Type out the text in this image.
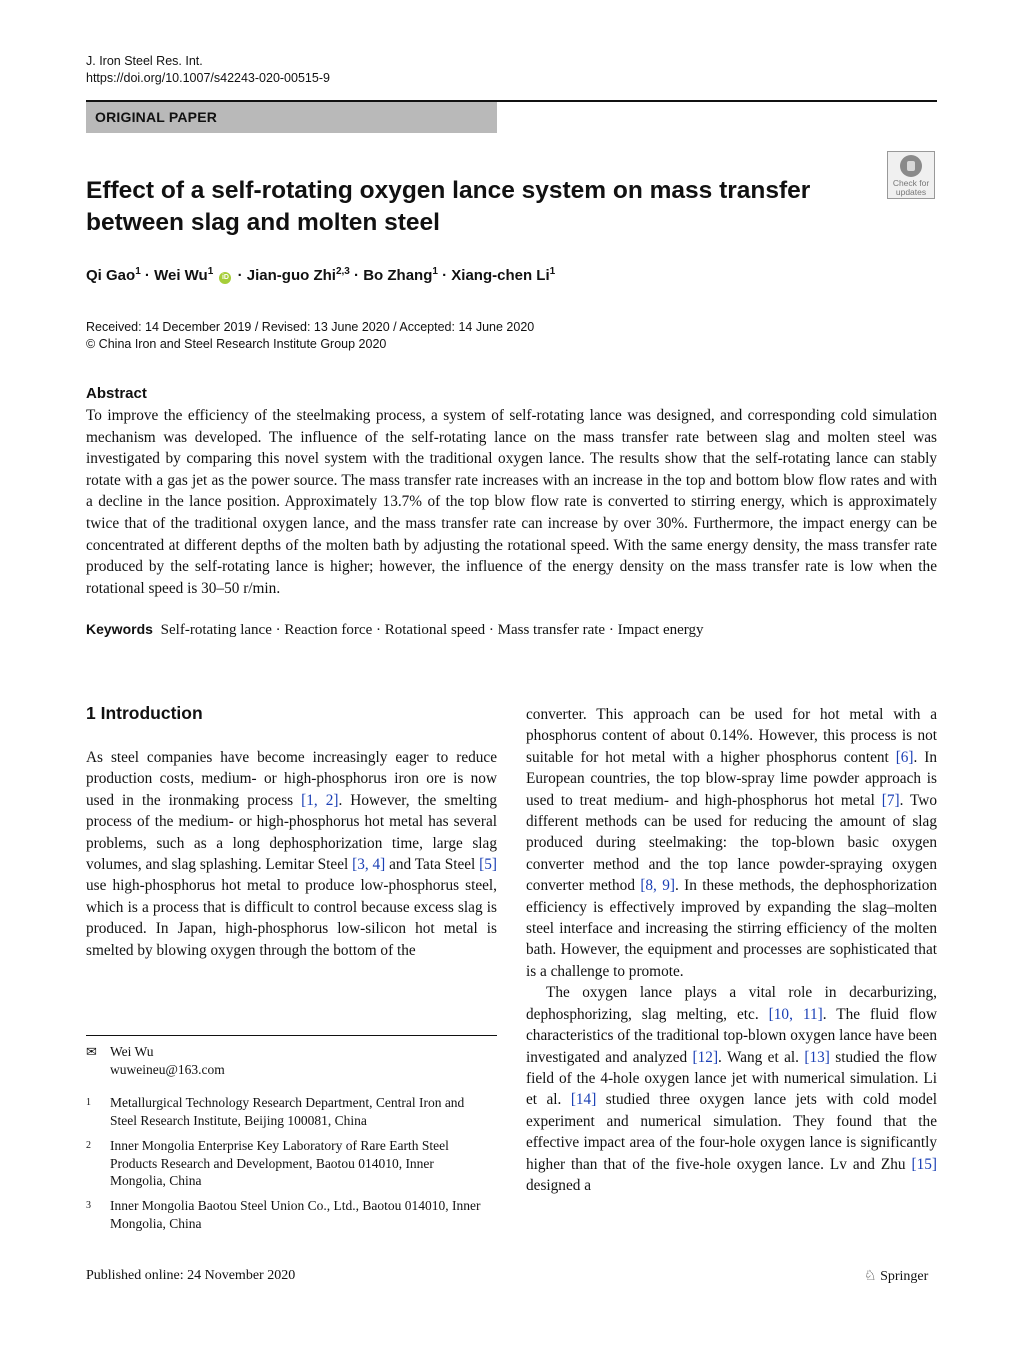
J. Iron Steel Res. Int.
https://doi.org/10.1007/s42243-020-00515-9
ORIGINAL PAPER
Effect of a self-rotating oxygen lance system on mass transfer
between slag and molten steel
Check for
updates
Qi Gao$^1$ · Wei Wu$^1$ iD · Jian-guo Zhi$^{2,3}$ · Bo Zhang$^1$ · Xiang-chen Li$^1$
Received: 14 December 2019 / Revised: 13 June 2020 / Accepted: 14 June 2020
© China Iron and Steel Research Institute Group 2020
Abstract
To improve the efficiency of the steelmaking process, a system of self-rotating lance was designed, and corresponding cold simulation mechanism was developed. The influence of the self-rotating lance on the mass transfer rate between slag and molten steel was investigated by comparing this novel system with the traditional oxygen lance. The results show that the self-rotating lance can stably rotate with a gas jet as the power source. The mass transfer rate increases with an increase in the top and bottom blow flow rates and with a decline in the lance position. Approximately 13.7% of the top blow flow rate is converted to stirring energy, which is approximately twice that of the traditional oxygen lance, and the mass transfer rate can increase by over 30%. Furthermore, the impact energy can be concentrated at different depths of the molten bath by adjusting the rotational speed. With the same energy density, the mass transfer rate produced by the self-rotating lance is higher; however, the influence of the energy density on the mass transfer rate is low when the rotational speed is 30–50 r/min.
Keywords Self-rotating lance · Reaction force · Rotational speed · Mass transfer rate · Impact energy
1 Introduction

As steel companies have become increasingly eager to reduce production costs, medium- or high-phosphorus iron ore is now used in the ironmaking process [1, 2]. However, the smelting process of the medium- or high-phosphorus hot metal has several problems, such as a long dephosphorization time, large slag volumes, and slag splashing. Lemitar Steel [3, 4] and Tata Steel [5] use high-phosphorus hot metal to produce low-phosphorus steel, which is a process that is difficult to control because excess slag is produced. In Japan, high-phosphorus low-silicon hot metal is smelted by blowing oxygen through the bottom of the

converter. This approach can be used for hot metal with a phosphorus content of about 0.14%. However, this process is not suitable for hot metal with a higher phosphorus content [6]. In European countries, the top blow-spray lime powder approach is used to treat medium- and high-phosphorus hot metal [7]. Two different methods can be used for reducing the amount of slag produced during steelmaking: the top-blown basic oxygen converter method and the top lance powder-spraying oxygen converter method [8, 9]. In these methods, the dephosphorization efficiency is effectively improved by expanding the slag–molten steel interface and increasing the stirring efficiency of the molten bath. However, the equipment and processes are sophisticated that is a challenge to promote.

The oxygen lance plays a vital role in decarburizing, dephosphorizing, slag melting, etc. [10, 11]. The fluid flow characteristics of the traditional top-blown oxygen lance have been investigated and analyzed [12]. Wang et al. [13] studied the flow field of the 4-hole oxygen lance jet with numerical simulation. Li et al. [14] studied three oxygen lance jets with cold model experiment and numerical simulation. They found that the effective impact area of the four-hole oxygen lance is significantly higher than that of the five-hole oxygen lance. Lv and Zhu [15] designed a

✉ Wei Wu
wuweineu@163.com
1 Metallurgical Technology Research Department, Central Iron and Steel Research Institute, Beijing 100081, China
2 Inner Mongolia Enterprise Key Laboratory of Rare Earth Steel Products Research and Development, Baotou 014010, Inner Mongolia, China
3 Inner Mongolia Baotou Steel Union Co., Ltd., Baotou 014010, Inner Mongolia, China
Published online: 24 November 2020	♘ Springer
